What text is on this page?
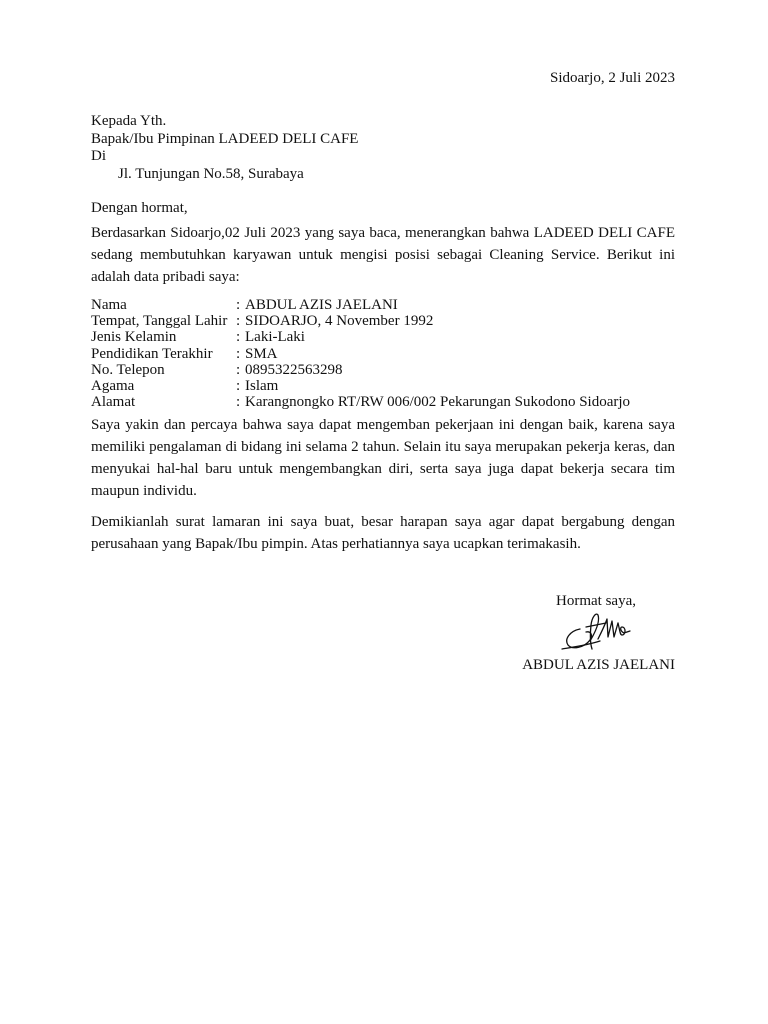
Sidoarjo, 2 Juli 2023
Kepada Yth.
Bapak/Ibu Pimpinan LADEED DELI CAFE
Di
Jl. Tunjungan No.58, Surabaya
Dengan hormat,
Berdasarkan Sidoarjo,02 Juli 2023 yang saya baca, menerangkan bahwa LADEED DELI CAFE sedang membutuhkan karyawan untuk mengisi posisi sebagai Cleaning Service. Berikut ini adalah data pribadi saya:
Nama	:	ABDUL AZIS JAELANI
Tempat, Tanggal Lahir	:	SIDOARJO, 4 November 1992
Jenis Kelamin	:	Laki-Laki
Pendidikan Terakhir	:	SMA
No. Telepon	:	0895322563298
Agama	:	Islam
Alamat	:	Karangnongko RT/RW 006/002 Pekarungan Sukodono Sidoarjo
Saya yakin dan percaya bahwa saya dapat mengemban pekerjaan ini dengan baik, karena saya memiliki pengalaman di bidang ini selama 2 tahun. Selain itu saya merupakan pekerja keras, dan menyukai hal-hal baru untuk mengembangkan diri, serta saya juga dapat bekerja secara tim maupun individu.
Demikianlah surat lamaran ini saya buat, besar harapan saya agar dapat bergabung dengan perusahaan yang Bapak/Ibu pimpin. Atas perhatiannya saya ucapkan terimakasih.
Hormat saya,
ABDUL AZIS JAELANI
